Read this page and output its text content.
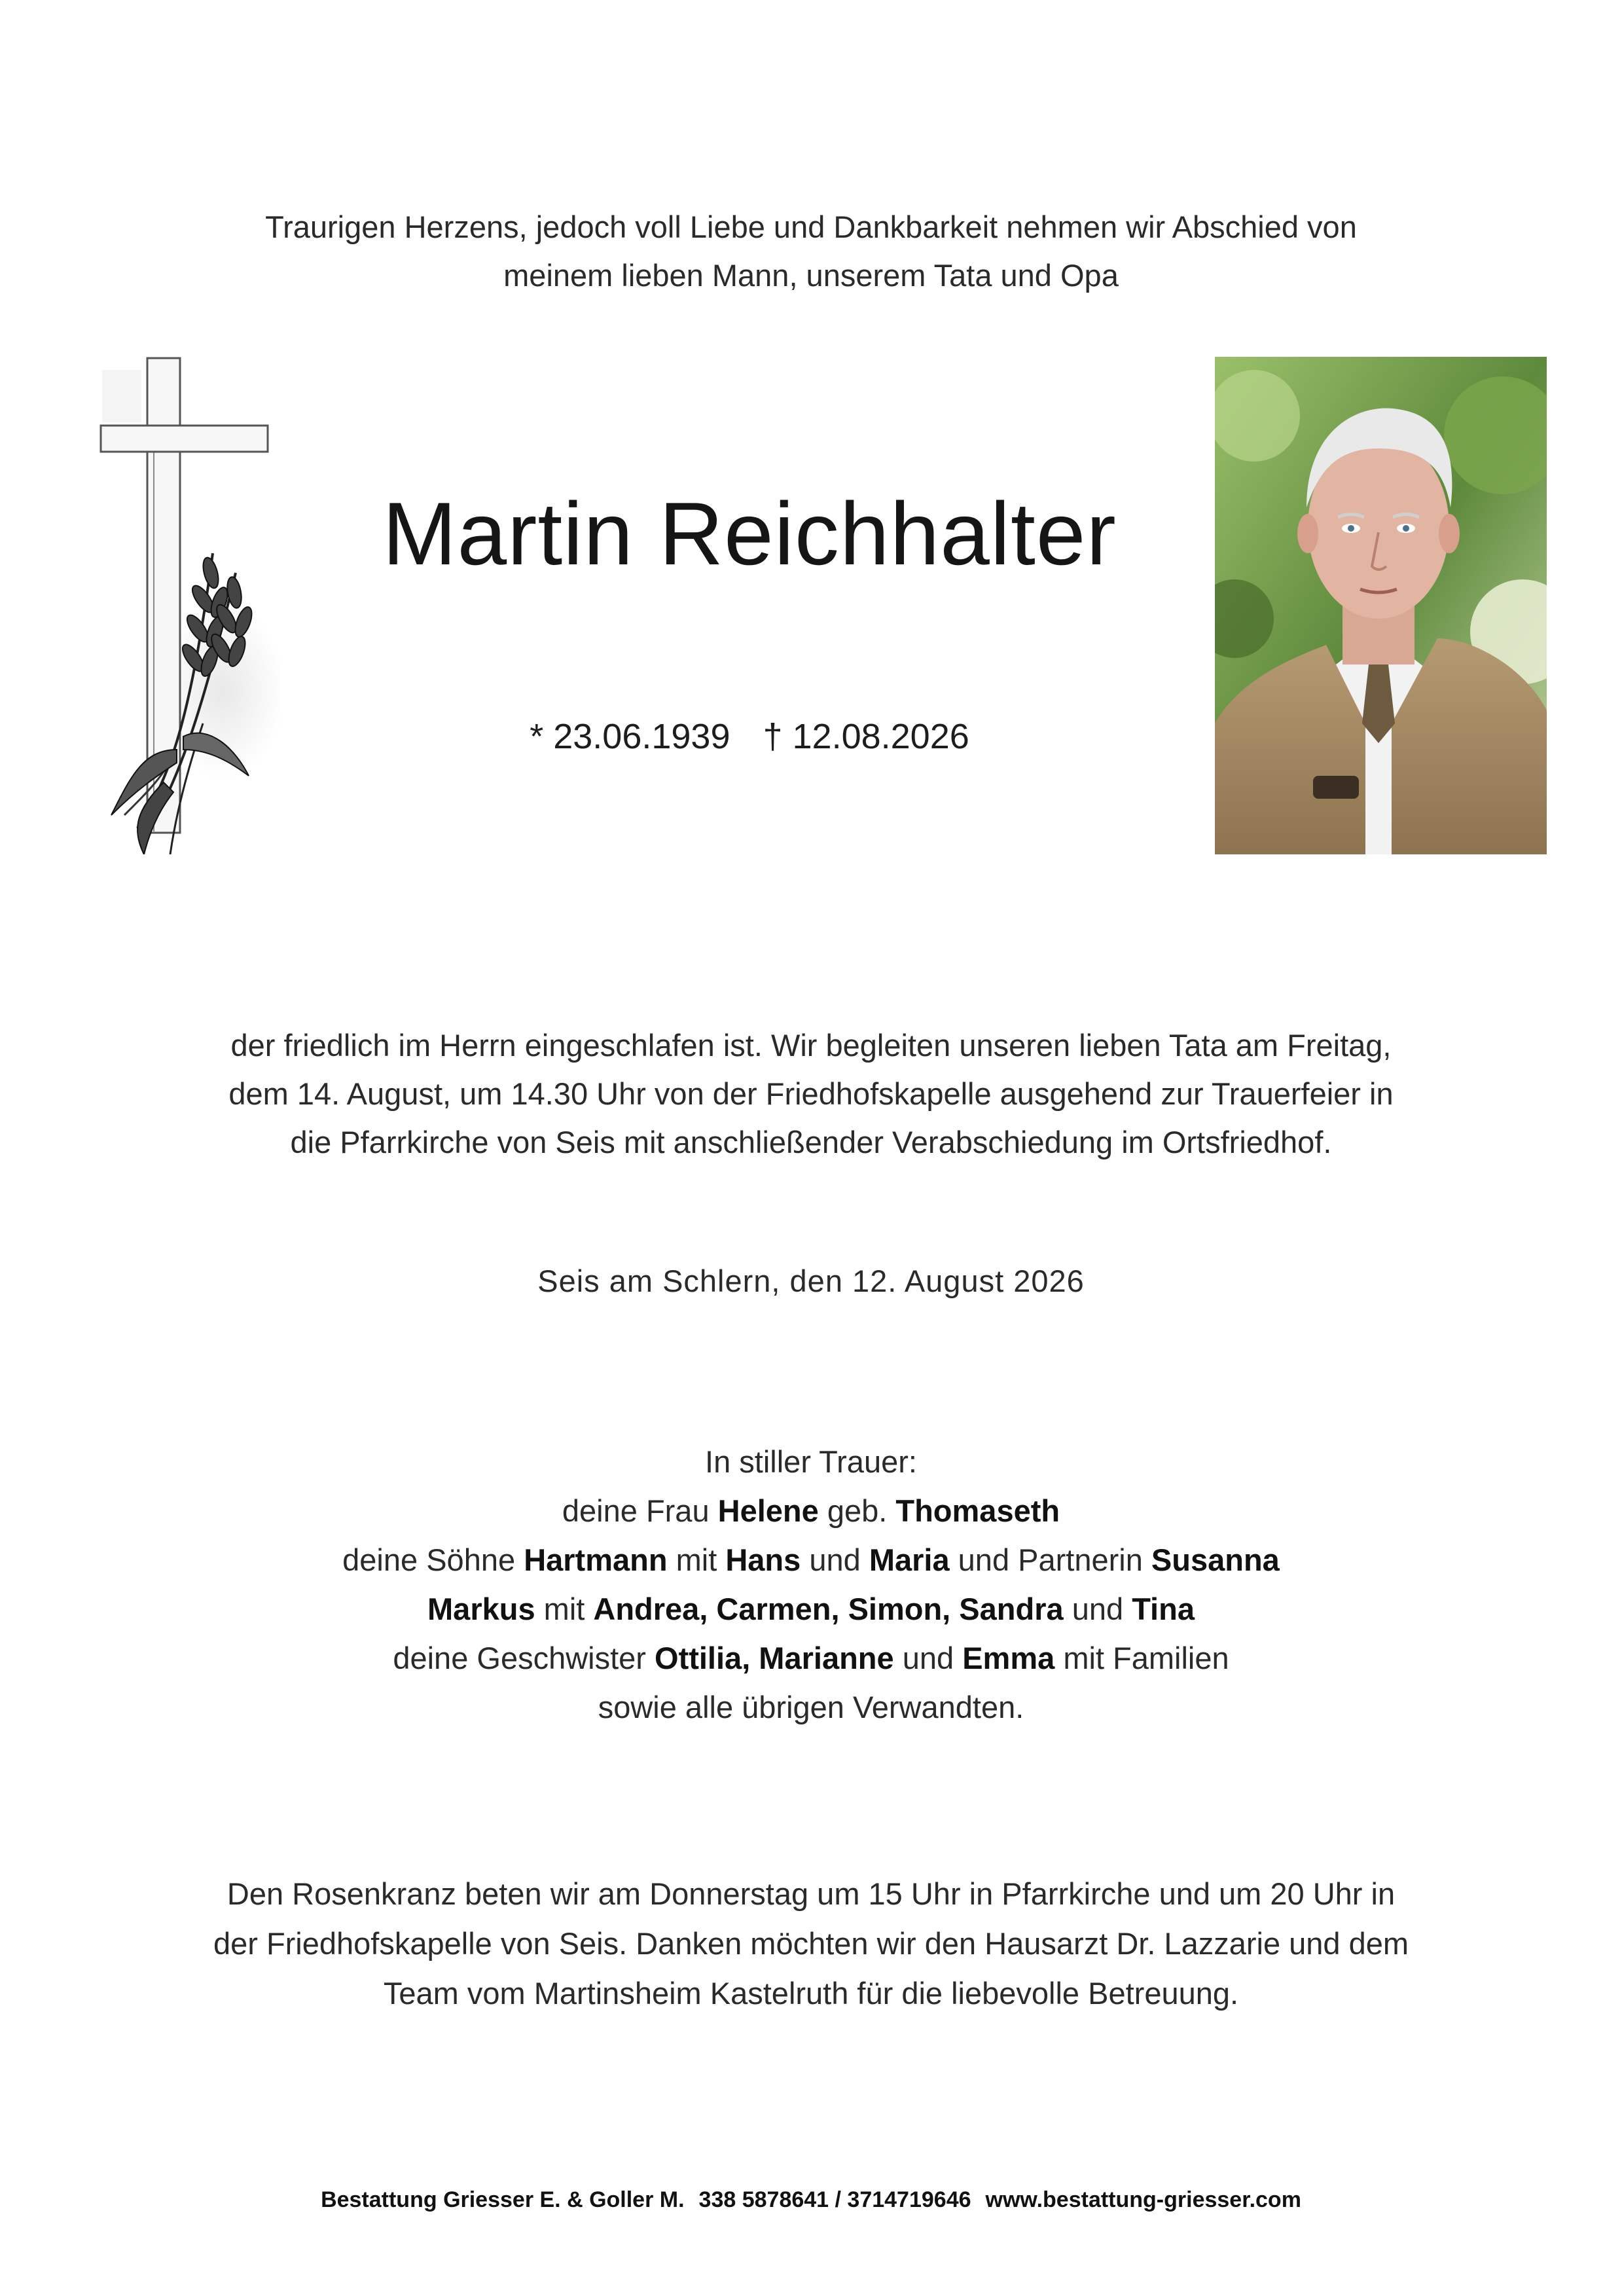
Traurigen Herzens, jedoch voll Liebe und Dankbarkeit nehmen wir Abschied von
meinem lieben Mann, unserem Tata und Opa
Martin Reichhalter
* 23.06.1939 † 12.08.2026
der friedlich im Herrn eingeschlafen ist. Wir begleiten unseren lieben Tata am Freitag,
dem 14. August, um 14.30 Uhr von der Friedhofskapelle ausgehend zur Trauerfeier in
die Pfarrkirche von Seis mit anschließender Verabschiedung im Ortsfriedhof.
Seis am Schlern, den 12. August 2026
In stiller Trauer:
deine Frau Helene geb. Thomaseth
deine Söhne Hartmann mit Hans und Maria und Partnerin Susanna
Markus mit Andrea, Carmen, Simon, Sandra und Tina
deine Geschwister Ottilia, Marianne und Emma mit Familien
sowie alle übrigen Verwandten.
Den Rosenkranz beten wir am Donnerstag um 15 Uhr in Pfarrkirche und um 20 Uhr in
der Friedhofskapelle von Seis. Danken möchten wir den Hausarzt Dr. Lazzarie und dem
Team vom Martinsheim Kastelruth für die liebevolle Betreuung.
Bestattung Griesser E. & Goller M. 338 5878641 / 3714719646 www.bestattung-griesser.com
